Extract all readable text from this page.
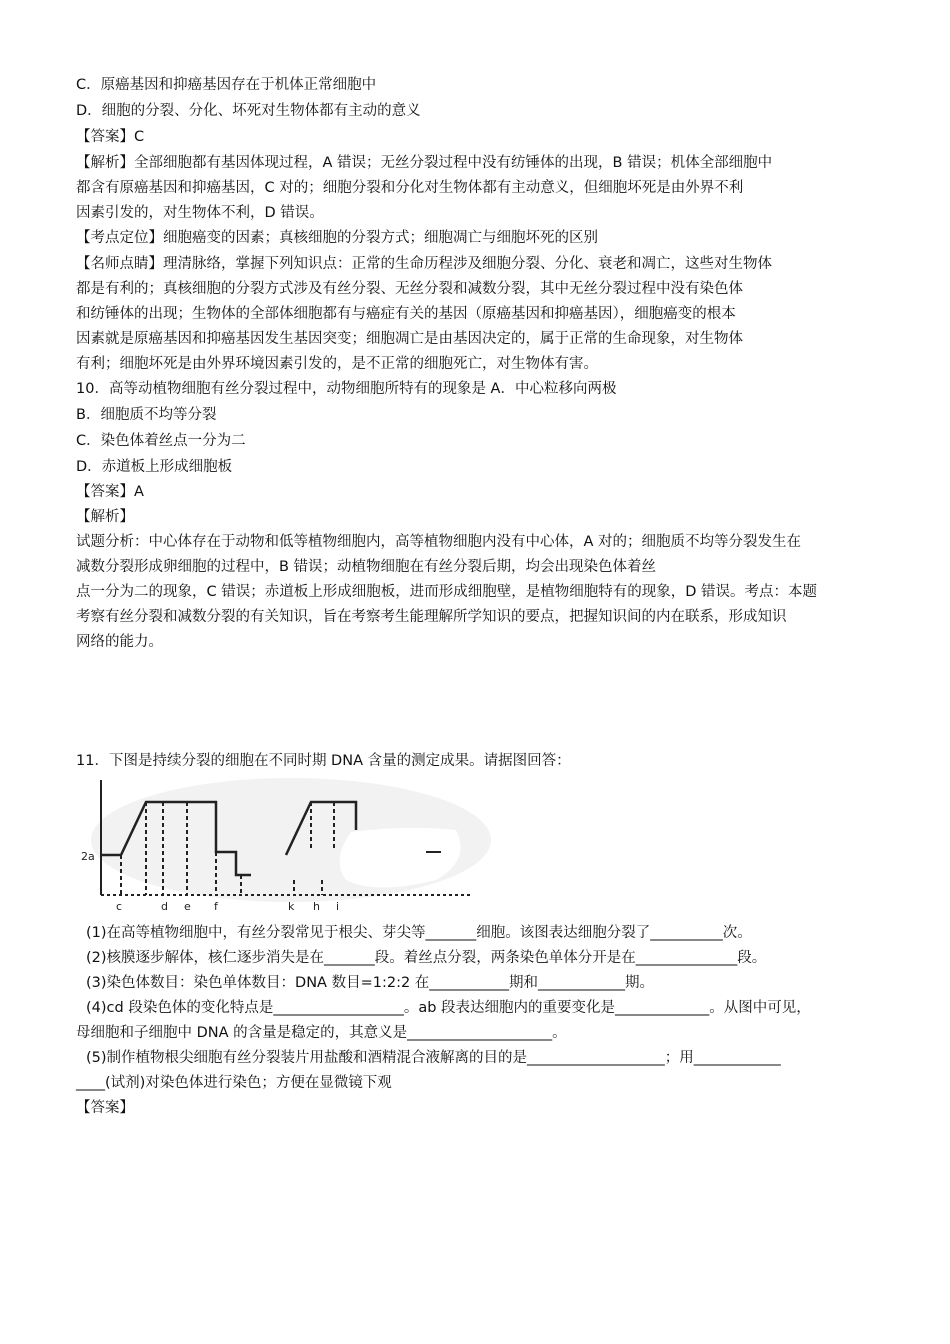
C．原癌基因和抑癌基因存在于机体正常细胞中
D．细胞的分裂、分化、坏死对生物体都有主动的意义
【答案】C
【解析】全部细胞都有基因体现过程，A 错误；无丝分裂过程中没有纺锤体的出现，B 错误；机体全部细胞中
都含有原癌基因和抑癌基因，C 对的；细胞分裂和分化对生物体都有主动意义，但细胞坏死是由外界不利
因素引发的，对生物体不利，D 错误。
【考点定位】细胞癌变的因素；真核细胞的分裂方式；细胞凋亡与细胞坏死的区别
【名师点睛】理清脉络，掌握下列知识点：正常的生命历程涉及细胞分裂、分化、衰老和凋亡，这些对生物体
都是有利的；真核细胞的分裂方式涉及有丝分裂、无丝分裂和减数分裂，其中无丝分裂过程中没有染色体
和纺锤体的出现；生物体的全部体细胞都有与癌症有关的基因（原癌基因和抑癌基因），细胞癌变的根本
因素就是原癌基因和抑癌基因发生基因突变；细胞凋亡是由基因决定的，属于正常的生命现象，对生物体
有利；细胞坏死是由外界环境因素引发的，是不正常的细胞死亡，对生物体有害。
10．高等动植物细胞有丝分裂过程中，动物细胞所特有的现象是 A．中心粒移向两极
B．细胞质不均等分裂
C．染色体着丝点一分为二
D．赤道板上形成细胞板
【答案】A
【解析】
试题分析：中心体存在于动物和低等植物细胞内，高等植物细胞内没有中心体，A 对的；细胞质不均等分裂发生在
减数分裂形成卵细胞的过程中，B 错误；动植物细胞在有丝分裂后期，均会出现染色体着丝
点一分为二的现象，C 错误；赤道板上形成细胞板，进而形成细胞壁，是植物细胞特有的现象，D 错误。考点：本题
考察有丝分裂和减数分裂的有关知识，旨在考察考生能理解所学知识的要点，把握知识间的内在联系，形成知识
网络的能力。
11．下图是持续分裂的细胞在不同时期 DNA 含量的测定成果。请据图回答：
2a
c	d e f	k h i
(1)在高等植物细胞中，有丝分裂常见于根尖、芽尖等_______细胞。该图表达细胞分裂了__________次。
(2)核膜逐步解体，核仁逐步消失是在_______段。着丝点分裂，两条染色单体分开是在______________段。
(3)染色体数目：染色单体数目：DNA 数目=1:2:2 在___________期和____________期。
(4)cd 段染色体的变化特点是__________________。ab 段表达细胞内的重要变化是_____________。从图中可见，
母细胞和子细胞中 DNA 的含量是稳定的，其意义是____________________。
(5)制作植物根尖细胞有丝分裂装片用盐酸和酒精混合液解离的目的是___________________；用____________
____(试剂)对染色体进行染色；方便在显微镜下观
【答案】
